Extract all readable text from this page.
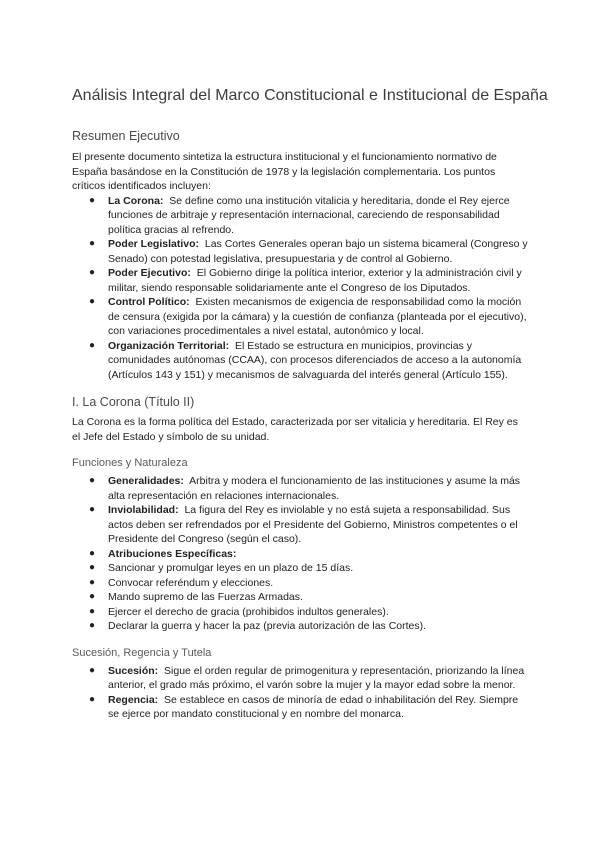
Análisis Integral del Marco Constitucional e Institucional de España
Resumen Ejecutivo

El presente documento sintetiza la estructura institucional y el funcionamiento normativo de España basándose en la Constitución de 1978 y la legislación complementaria. Los puntos críticos identificados incluyen:

● La Corona: Se define como una institución vitalicia y hereditaria, donde el Rey ejerce funciones de arbitraje y representación internacional, careciendo de responsabilidad política gracias al refrendo.
● Poder Legislativo: Las Cortes Generales operan bajo un sistema bicameral (Congreso y Senado) con potestad legislativa, presupuestaria y de control al Gobierno.
● Poder Ejecutivo: El Gobierno dirige la política interior, exterior y la administración civil y militar, siendo responsable solidariamente ante el Congreso de los Diputados.
● Control Político: Existen mecanismos de exigencia de responsabilidad como la moción de censura (exigida por la cámara) y la cuestión de confianza (planteada por el ejecutivo), con variaciones procedimentales a nivel estatal, autonómico y local.
● Organización Territorial: El Estado se estructura en municipios, provincias y comunidades autónomas (CCAA), con procesos diferenciados de acceso a la autonomía (Artículos 143 y 151) y mecanismos de salvaguarda del interés general (Artículo 155).
I. La Corona (Título II)

La Corona es la forma política del Estado, caracterizada por ser vitalicia y hereditaria. El Rey es el Jefe del Estado y símbolo de su unidad.

Funciones y Naturaleza
● Generalidades: Arbitra y modera el funcionamiento de las instituciones y asume la más alta representación en relaciones internacionales.
● Inviolabilidad: La figura del Rey es inviolable y no está sujeta a responsabilidad. Sus actos deben ser refrendados por el Presidente del Gobierno, Ministros competentes o el Presidente del Congreso (según el caso).
● Atribuciones Específicas:
● Sancionar y promulgar leyes en un plazo de 15 días.
● Convocar referéndum y elecciones.
● Mando supremo de las Fuerzas Armadas.
● Ejercer el derecho de gracia (prohibidos indultos generales).
● Declarar la guerra y hacer la paz (previa autorización de las Cortes).
Sucesión, Regencia y Tutela
● Sucesión: Sigue el orden regular de primogenitura y representación, priorizando la línea anterior, el grado más próximo, el varón sobre la mujer y la mayor edad sobre la menor.
● Regencia: Se establece en casos de minoría de edad o inhabilitación del Rey. Siempre se ejerce por mandato constitucional y en nombre del monarca.
